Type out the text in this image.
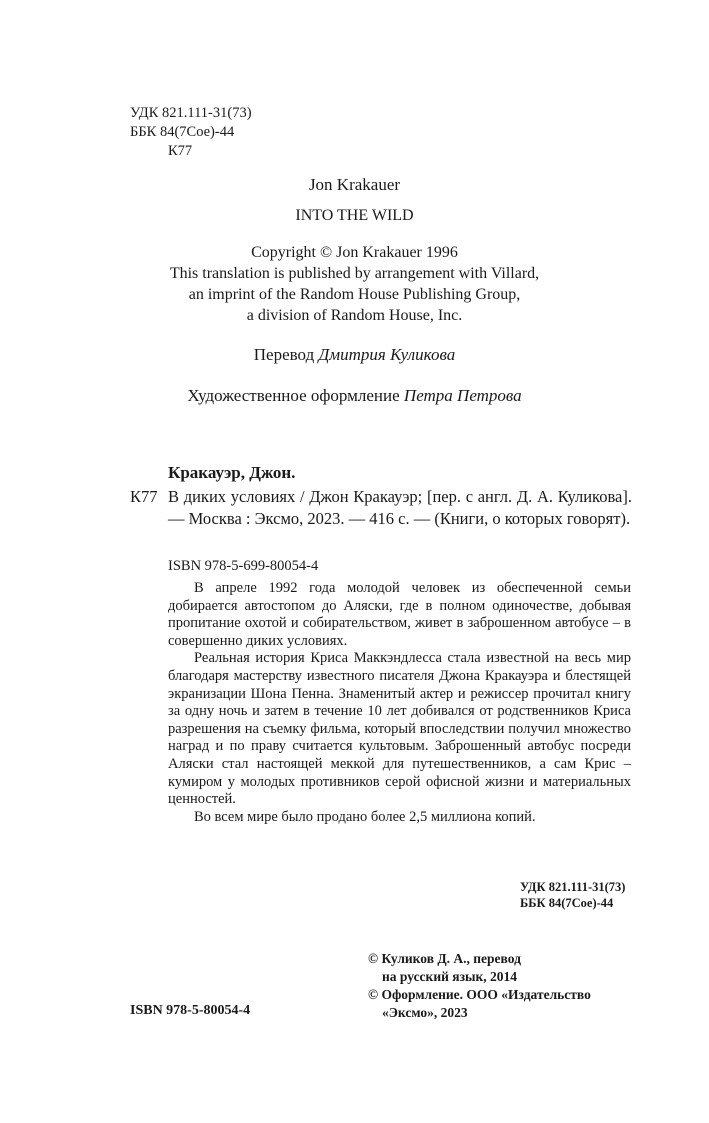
УДК 821.111-31(73)
ББК 84(7Сое)-44
К77
Jon Krakauer
INTO THE WILD
Copyright © Jon Krakauer 1996
This translation is published by arrangement with Villard,
an imprint of the Random House Publishing Group,
a division of Random House, Inc.
Перевод Дмитрия Куликова
Художественное оформление Петра Петрова
Кракауэр, Джон.
К77 В диких условиях / Джон Кракауэр; [пер. с англ. Д. А. Куликова]. — Москва : Эксмо, 2023. — 416 с. — (Книги, о которых говорят).
ISBN 978-5-699-80054-4

В апреле 1992 года молодой человек из обеспеченной семьи добирается автостопом до Аляски, где в полном одиночестве, добывая пропитание охотой и собирательством, живет в заброшенном автобусе – в совершенно диких условиях.

Реальная история Криса Маккэндлесса стала известной на весь мир благодаря мастерству известного писателя Джона Кракауэра и блестящей экранизации Шона Пенна. Знаменитый актер и режиссер прочитал книгу за одну ночь и затем в течение 10 лет добивался от родственников Криса разрешения на съемку фильма, который впоследствии получил множество наград и по праву считается культовым. Заброшенный автобус посреди Аляски стал настоящей меккой для путешественников, а сам Крис – кумиром у молодых противников серой офисной жизни и материальных ценностей.

Во всем мире было продано более 2,5 миллиона копий.

УДК 821.111-31(73)
ББК 84(7Сое)-44
ISBN 978-5-80054-4
© Куликов Д. А., перевод
на русский язык, 2014
© Оформление. ООО «Издательство
«Эксмо», 2023
